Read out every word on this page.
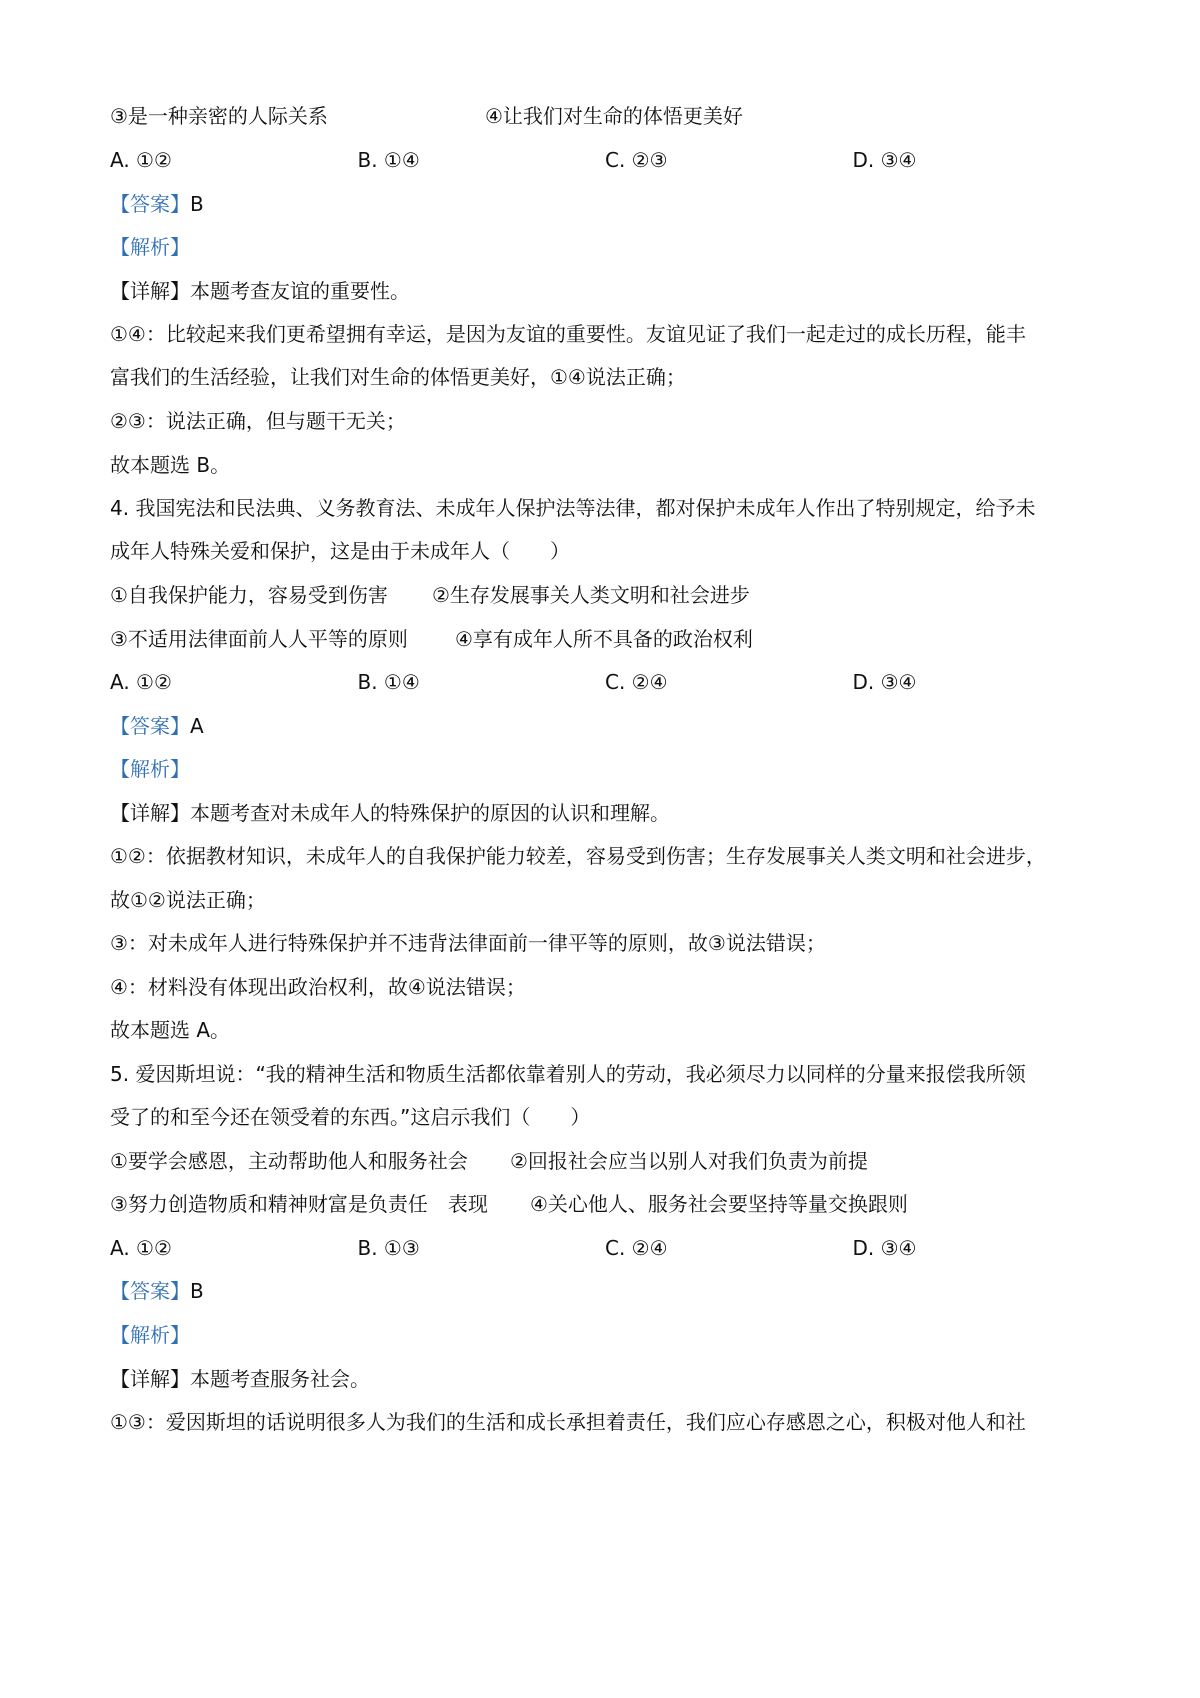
③是一种亲密的人际关系	④让我们对生命的体悟更美好
A. ①②	B. ①④	C. ②③	D. ③④
【答案】B
【解析】
【详解】本题考查友谊的重要性。
①④：比较起来我们更希望拥有幸运，是因为友谊的重要性。友谊见证了我们一起走过的成长历程，能丰
富我们的生活经验，让我们对生命的体悟更美好，①④说法正确；
②③：说法正确，但与题干无关；
故本题选 B。
4. 我国宪法和民法典、义务教育法、未成年人保护法等法律，都对保护未成年人作出了特别规定，给予未
成年人特殊关爱和保护，这是由于未成年人（　　）
①自我保护能力，容易受到伤害	②生存发展事关人类文明和社会进步
③不适用法律面前人人平等的原则	④享有成年人所不具备的政治权利
A. ①②	B. ①④	C. ②④	D. ③④
【答案】A
【解析】
【详解】本题考查对未成年人的特殊保护的原因的认识和理解。
①②：依据教材知识，未成年人的自我保护能力较差，容易受到伤害；生存发展事关人类文明和社会进步，
故①②说法正确；
③：对未成年人进行特殊保护并不违背法律面前一律平等的原则，故③说法错误；
④：材料没有体现出政治权利，故④说法错误；
故本题选 A。
5. 爱因斯坦说：“我的精神生活和物质生活都依靠着别人的劳动，我必须尽力以同样的分量来报偿我所领
受了的和至今还在领受着的东西。”这启示我们（　　）
①要学会感恩，主动帮助他人和服务社会	②回报社会应当以别人对我们负责为前提
③努力创造物质和精神财富是负责任　表现	④关心他人、服务社会要坚持等量交换跟则
A. ①②	B. ①③	C. ②④	D. ③④
【答案】B
【解析】
【详解】本题考查服务社会。
①③：爱因斯坦的话说明很多人为我们的生活和成长承担着责任，我们应心存感恩之心，积极对他人和社
